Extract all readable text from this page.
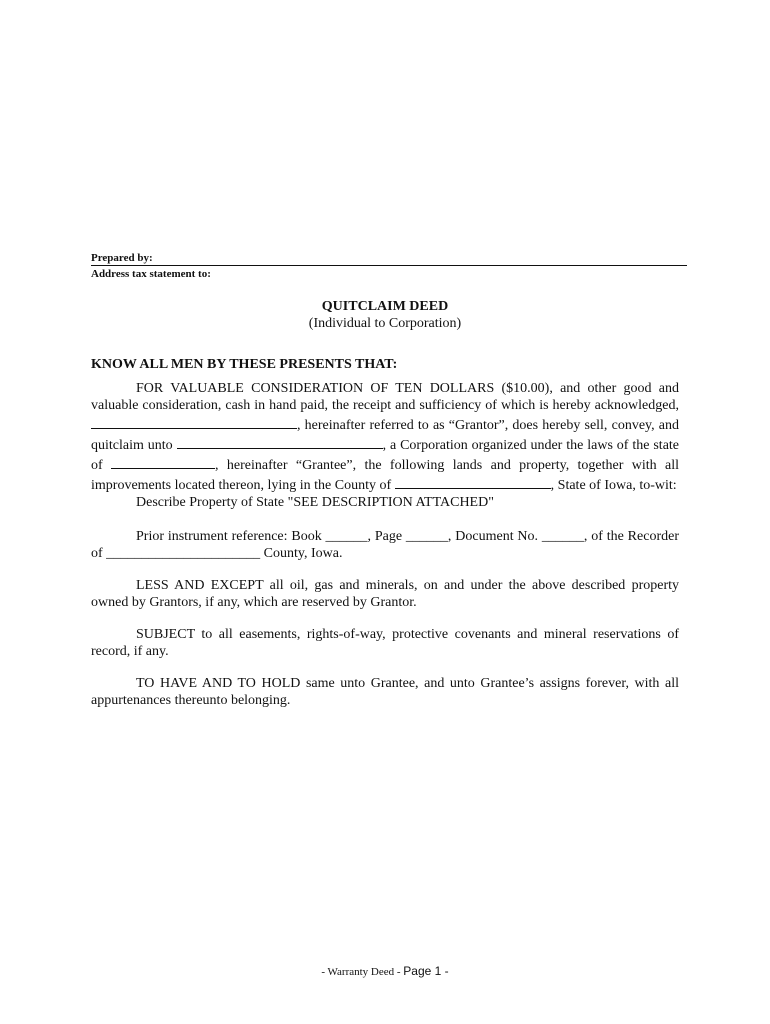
Prepared by:
Address tax statement to:
QUITCLAIM DEED
(Individual to Corporation)
KNOW ALL MEN BY THESE PRESENTS THAT:
FOR VALUABLE CONSIDERATION OF TEN DOLLARS ($10.00), and other good and valuable consideration, cash in hand paid, the receipt and sufficiency of which is hereby acknowledged, , hereinafter referred to as “Grantor”, does hereby sell, convey, and quitclaim unto	, a Corporation organized under the laws of the state of	, hereinafter “Grantee”, the following lands and property, together with all improvements located thereon, lying in the County of	, State of Iowa, to-wit:
Describe Property of State "SEE DESCRIPTION ATTACHED"
Prior instrument reference: Book ______, Page ______, Document No. ______, of the Recorder of ______________________ County, Iowa.
LESS AND EXCEPT all oil, gas and minerals, on and under the above described property owned by Grantors, if any, which are reserved by Grantor.
SUBJECT to all easements, rights-of-way, protective covenants and mineral reservations of record, if any.
TO HAVE AND TO HOLD same unto Grantee, and unto Grantee’s assigns forever, with all appurtenances thereunto belonging.
- Warranty Deed - Page 1 -
